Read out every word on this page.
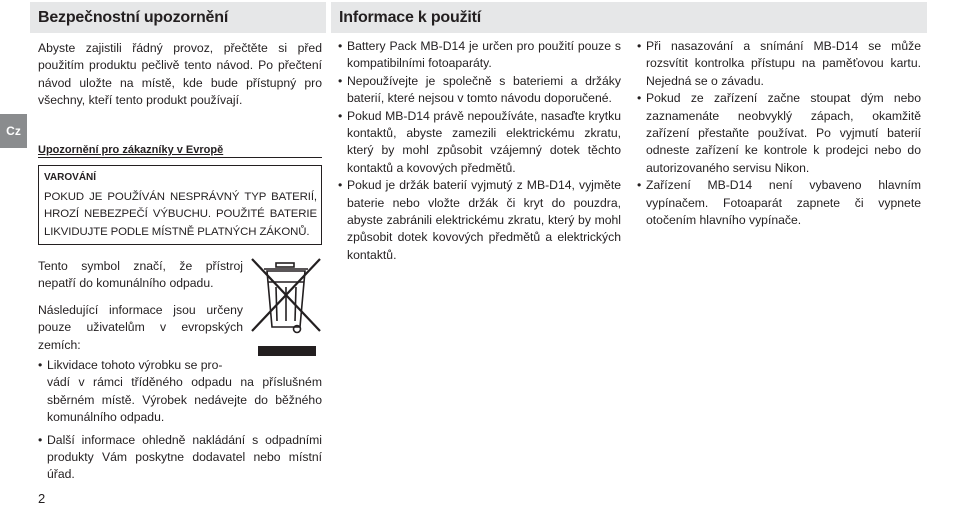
Bezpečnostní upozornění	Informace k použití
Cz

Abyste zajistili řádný provoz, přečtěte si před použitím produktu pečlivě tento návod. Po přečtení návod uložte na místě, kde bude přístupný pro všechny, kteří tento produkt používají.

Upozornění pro zákazníky v Evropě
VAROVÁNÍ
POKUD JE POUŽÍVÁN NESPRÁVNÝ TYP BATERIÍ, HROZÍ NEBEZPEČÍ VÝBUCHU. POUŽITÉ BATERIE LIKVIDUJTE PODLE MÍSTNĚ PLATNÝCH ZÁKONŮ.

Tento symbol značí, že přístroj nepatří do komunálního odpadu.

Následující informace jsou určeny pouze uživatelům v evropských zemích:

• Likvidace tohoto výrobku se pro-
vádí v rámci tříděného odpadu na příslušném sběrném místě. Výrobek nedávejte do běžného komunálního odpadu.
• Další informace ohledně nakládání s odpadními produkty Vám poskytne dodavatel nebo místní úřad.
• Battery Pack MB-D14 je určen pro použití pouze s kompatibilními fotoaparáty.
• Nepoužívejte je společně s bateriemi a držáky baterií, které nejsou v tomto návodu doporučené.
• Pokud MB-D14 právě nepoužíváte, nasaďte krytku kontaktů, abyste zamezili elektrickému zkratu, který by mohl způsobit vzájemný dotek těchto kontaktů a kovových předmětů.
• Pokud je držák baterií vyjmutý z MB-D14, vyjměte baterie nebo vložte držák či kryt do pouzdra, abyste zabránili elektrickému zkratu, který by mohl způsobit dotek kovových předmětů a elektrických kontaktů.
• Při nasazování a snímání MB-D14 se může rozsvítit kontrolka přístupu na paměťovou kartu. Nejedná se o závadu.
• Pokud ze zařízení začne stoupat dým nebo zaznamenáte neobvyklý zápach, okamžitě zařízení přestaňte používat. Po vyjmutí baterií odneste zařízení ke kontrole k prodejci nebo do autorizovaného servisu Nikon.
• Zařízení MB-D14 není vybaveno hlavním vypínačem. Fotoaparát zapnete či vypnete otočením hlavního vypínače.
2
